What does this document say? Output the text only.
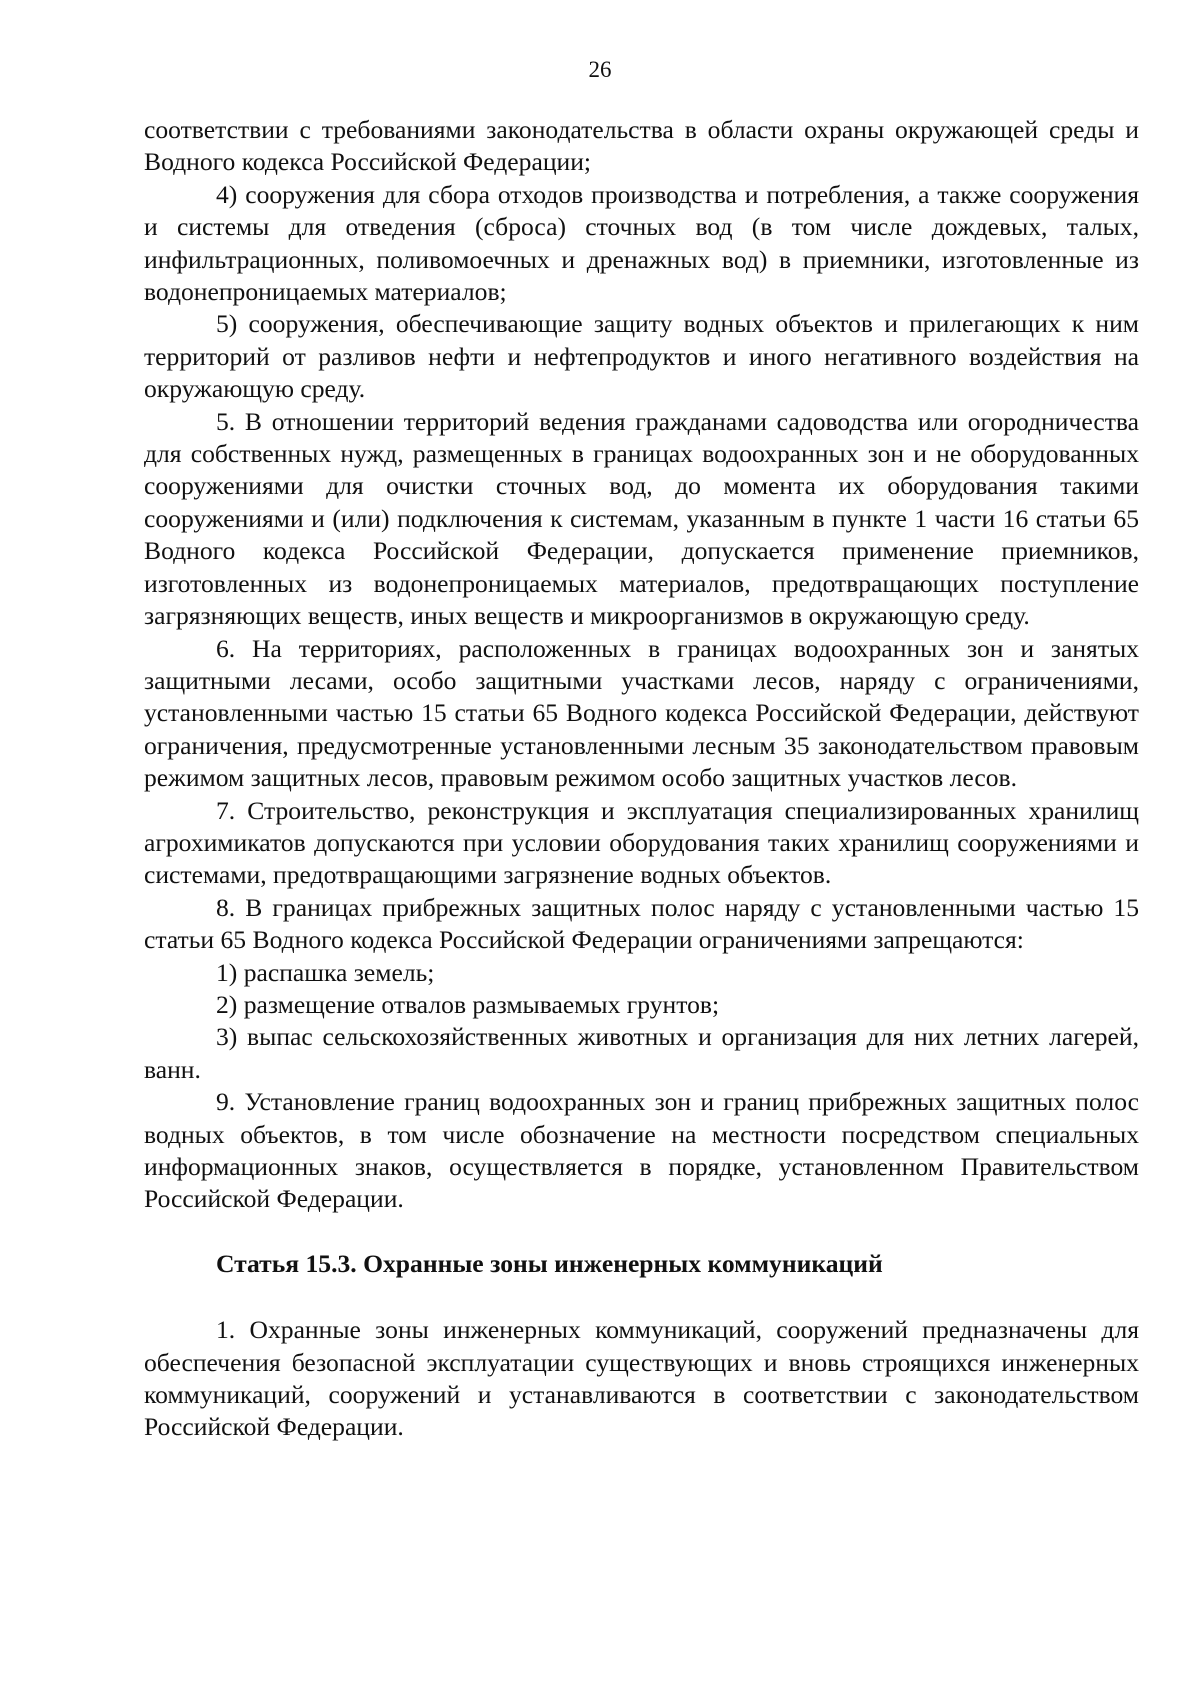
26

соответствии с требованиями законодательства в области охраны окружающей среды и Водного кодекса Российской Федерации;

4) сооружения для сбора отходов производства и потребления, а также сооружения и системы для отведения (сброса) сточных вод (в том числе дождевых, талых, инфильтрационных, поливомоечных и дренажных вод) в приемники, изготовленные из водонепроницаемых материалов;

5) сооружения, обеспечивающие защиту водных объектов и прилегающих к ним территорий от разливов нефти и нефтепродуктов и иного негативного воздействия на окружающую среду.

5. В отношении территорий ведения гражданами садоводства или огородничества для собственных нужд, размещенных в границах водоохранных зон и не оборудованных сооружениями для очистки сточных вод, до момента их оборудования такими сооружениями и (или) подключения к системам, указанным в пункте 1 части 16 статьи 65 Водного кодекса Российской Федерации, допускается применение приемников, изготовленных из водонепроницаемых материалов, предотвращающих поступление загрязняющих веществ, иных веществ и микроорганизмов в окружающую среду.

6. На территориях, расположенных в границах водоохранных зон и занятых защитными лесами, особо защитными участками лесов, наряду с ограничениями, установленными частью 15 статьи 65 Водного кодекса Российской Федерации, действуют ограничения, предусмотренные установленными лесным 35 законодательством правовым режимом защитных лесов, правовым режимом особо защитных участков лесов.

7. Строительство, реконструкция и эксплуатация специализированных хранилищ агрохимикатов допускаются при условии оборудования таких хранилищ сооружениями и системами, предотвращающими загрязнение водных объектов.

8. В границах прибрежных защитных полос наряду с установленными частью 15 статьи 65 Водного кодекса Российской Федерации ограничениями запрещаются:

1) распашка земель;

2) размещение отвалов размываемых грунтов;

3) выпас сельскохозяйственных животных и организация для них летних лагерей, ванн.

9. Установление границ водоохранных зон и границ прибрежных защитных полос водных объектов, в том числе обозначение на местности посредством специальных информационных знаков, осуществляется в порядке, установленном Правительством Российской Федерации.

Статья 15.3. Охранные зоны инженерных коммуникаций

1. Охранные зоны инженерных коммуникаций, сооружений предназначены для обеспечения безопасной эксплуатации существующих и вновь строящихся инженерных коммуникаций, сооружений и устанавливаются в соответствии с законодательством Российской Федерации.
